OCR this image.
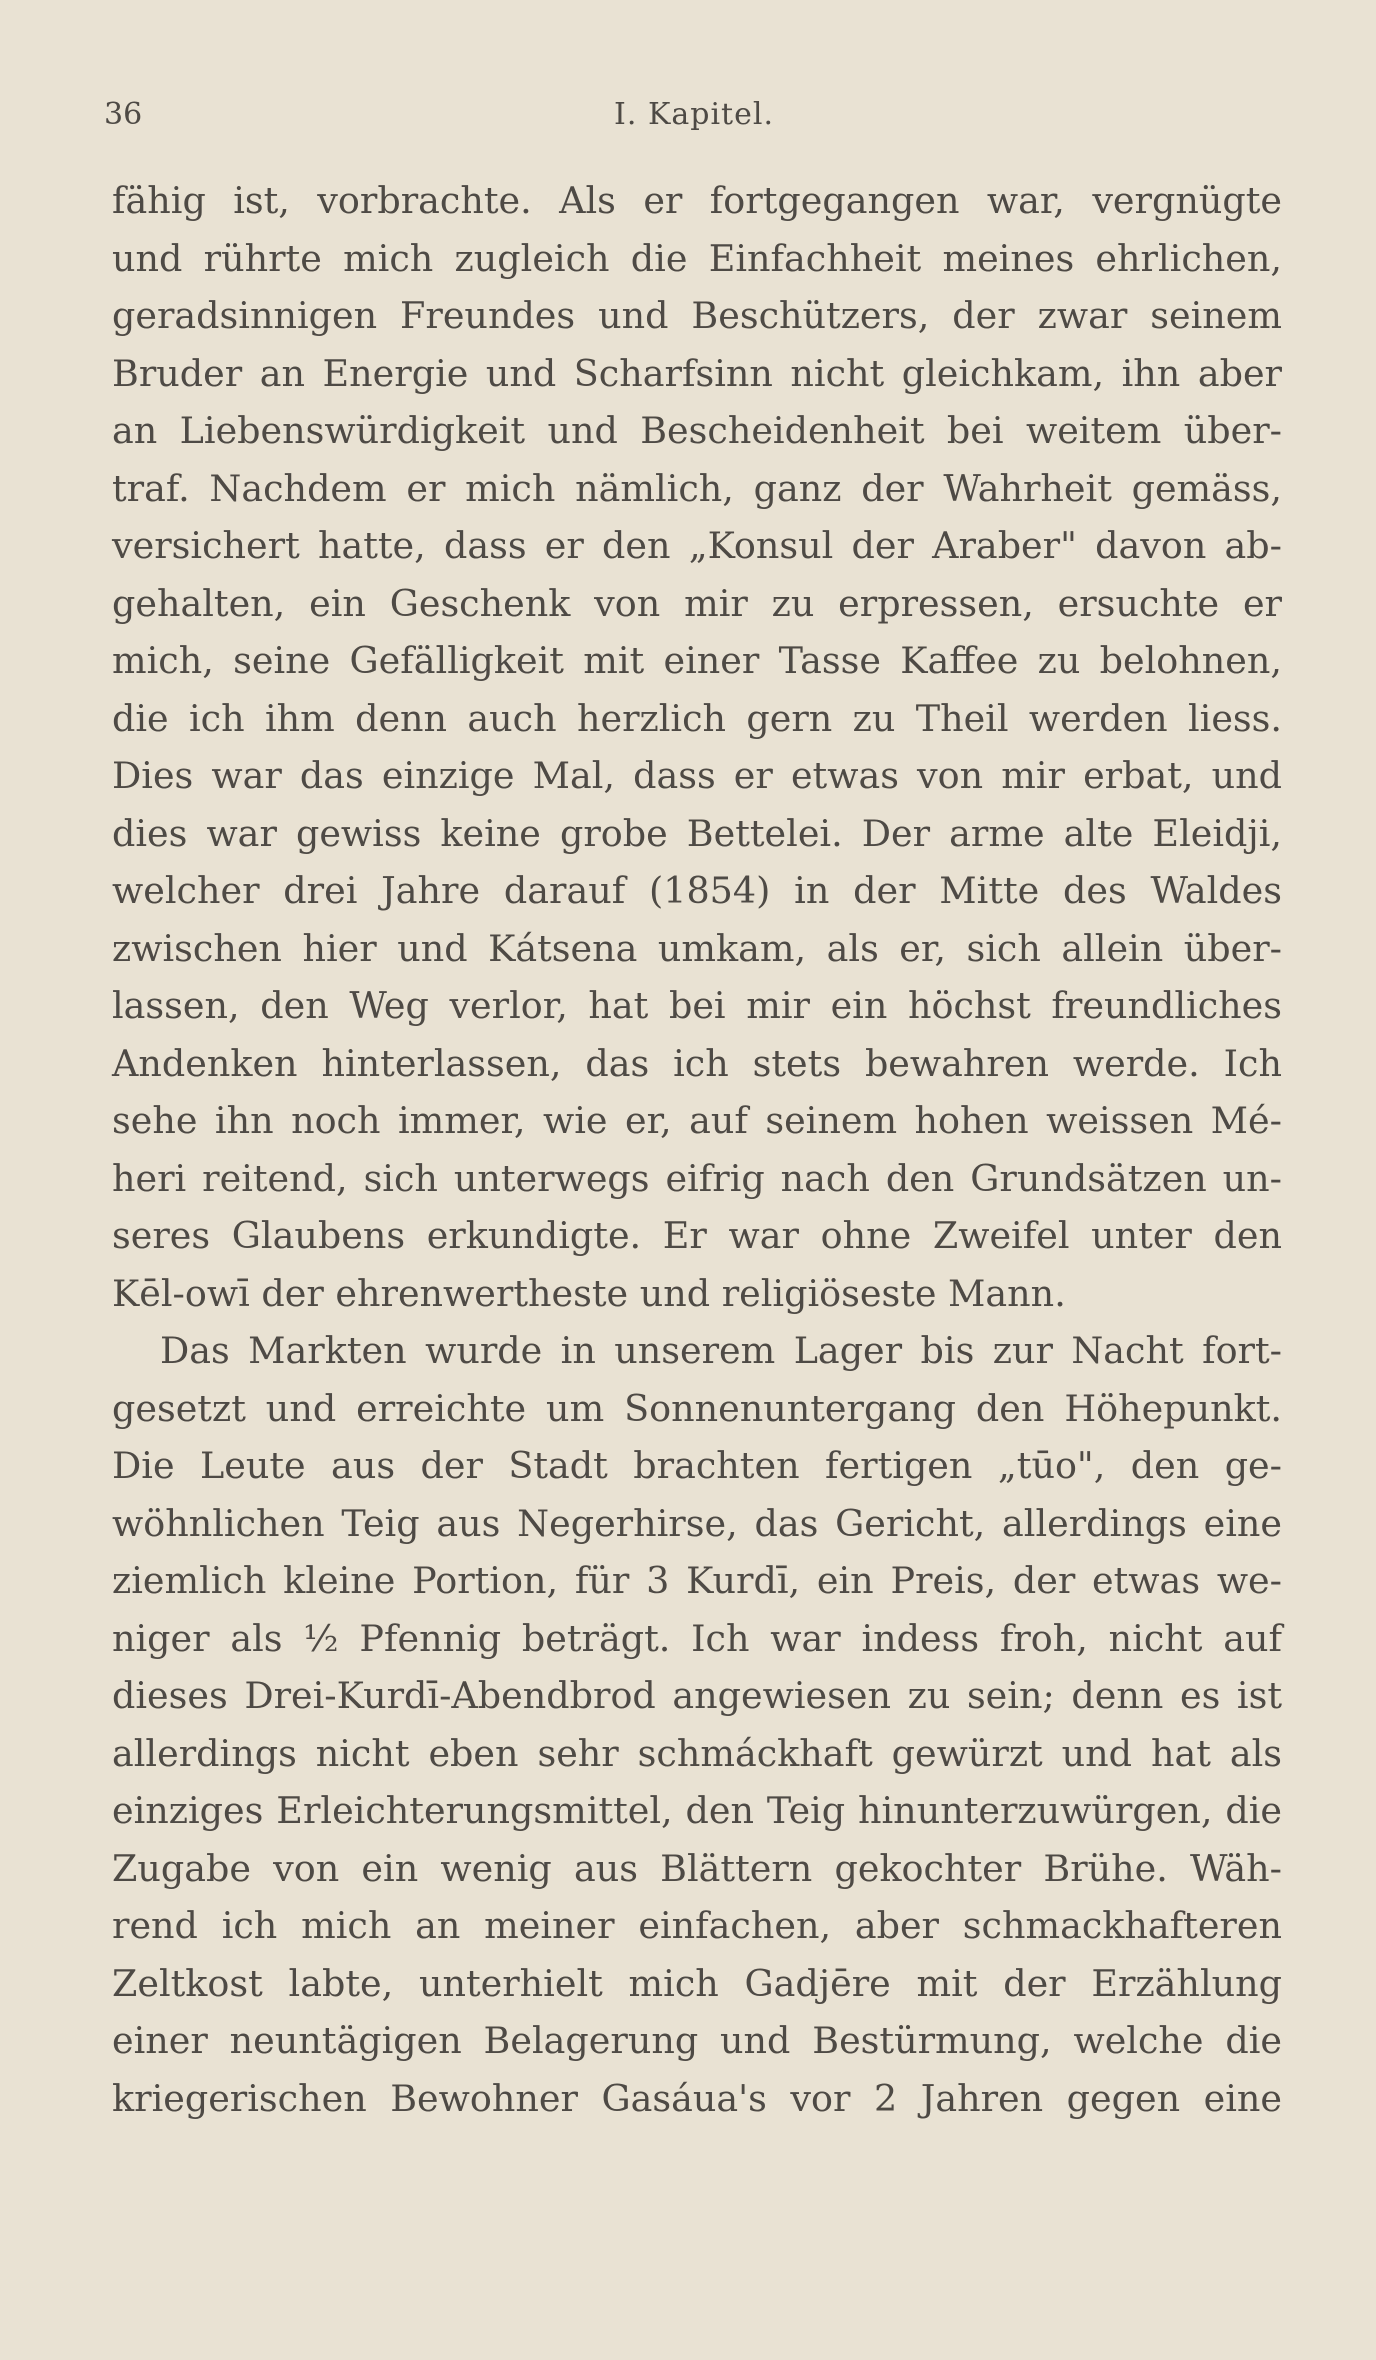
36	I. Kapitel.
fähig ist, vorbrachte. Als er fortgegangen war, vergnügte
und rührte mich zugleich die Einfachheit meines ehrlichen,
geradsinnigen Freundes und Beschützers, der zwar seinem
Bruder an Energie und Scharfsinn nicht gleichkam, ihn aber
an Liebenswürdigkeit und Bescheidenheit bei weitem über-
traf. Nachdem er mich nämlich, ganz der Wahrheit gemäss,
versichert hatte, dass er den „Konsul der Araber" davon ab-
gehalten, ein Geschenk von mir zu erpressen, ersuchte er
mich, seine Gefälligkeit mit einer Tasse Kaffee zu belohnen,
die ich ihm denn auch herzlich gern zu Theil werden liess.
Dies war das einzige Mal, dass er etwas von mir erbat, und
dies war gewiss keine grobe Bettelei. Der arme alte Eleidji,
welcher drei Jahre darauf (1854) in der Mitte des Waldes
zwischen hier und Kátsena umkam, als er, sich allein über-
lassen, den Weg verlor, hat bei mir ein höchst freundliches
Andenken hinterlassen, das ich stets bewahren werde. Ich
sehe ihn noch immer, wie er, auf seinem hohen weissen Mé-
heri reitend, sich unterwegs eifrig nach den Grundsätzen un-
seres Glaubens erkundigte. Er war ohne Zweifel unter den
Kēl-owī der ehrenwertheste und religiöseste Mann.
Das Markten wurde in unserem Lager bis zur Nacht fort-
gesetzt und erreichte um Sonnenuntergang den Höhepunkt.
Die Leute aus der Stadt brachten fertigen „tūo", den ge-
wöhnlichen Teig aus Negerhirse, das Gericht, allerdings eine
ziemlich kleine Portion, für 3 Kurdī, ein Preis, der etwas we-
niger als ½ Pfennig beträgt. Ich war indess froh, nicht auf
dieses Drei-Kurdī-Abendbrod angewiesen zu sein; denn es ist
allerdings nicht eben sehr schmáckhaft gewürzt und hat als
einziges Erleichterungsmittel, den Teig hinunterzuwürgen, die
Zugabe von ein wenig aus Blättern gekochter Brühe. Wäh-
rend ich mich an meiner einfachen, aber schmackhafteren
Zeltkost labte, unterhielt mich Gadjēre mit der Erzählung
einer neuntägigen Belagerung und Bestürmung, welche die
kriegerischen Bewohner Gasáua's vor 2 Jahren gegen eine
